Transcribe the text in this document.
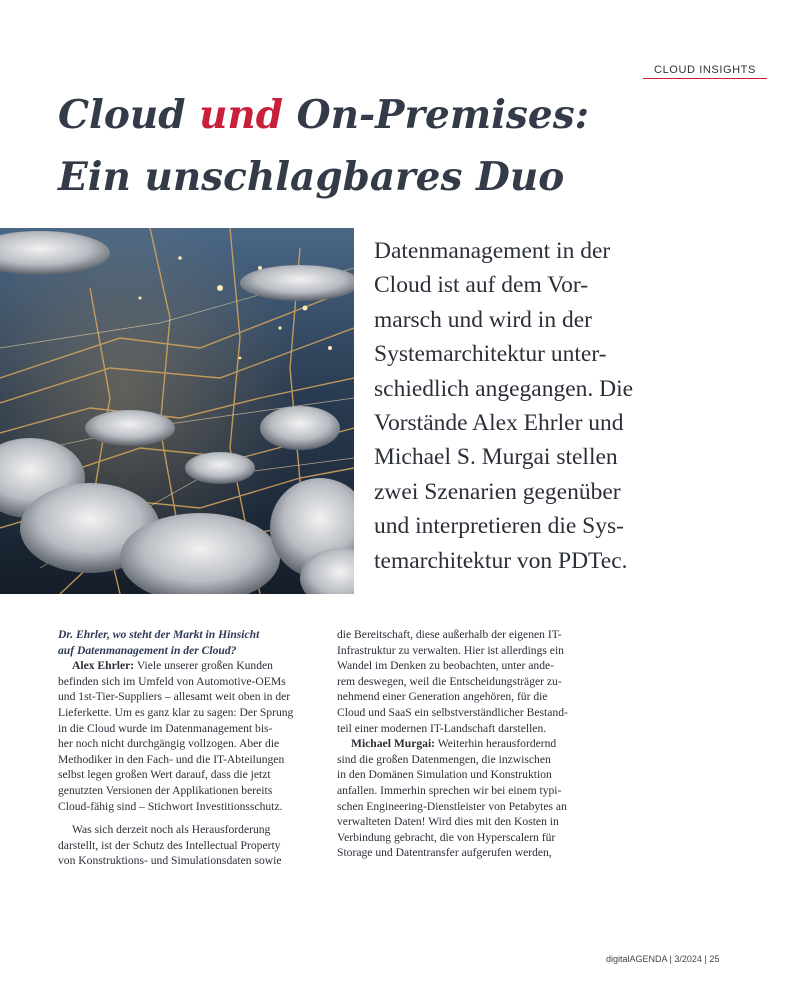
CLOUD INSIGHTS
Cloud und On-Premises:
Ein unschlagbares Duo

Datenmanagement in der
Cloud ist auf dem Vor-
marsch und wird in der
Systemarchitektur unter-
schiedlich angegangen. Die
Vorstände Alex Ehrler und
Michael S. Murgai stellen
zwei Szenarien gegenüber
und interpretieren die Sys-
temarchitektur von PDTec.

Dr. Ehrler, wo steht der Markt in Hinsicht
auf Datenmanagement in der Cloud?

Alex Ehrler: Viele unserer großen Kunden
befinden sich im Umfeld von Automotive-OEMs
und 1st-Tier-Suppliers – allesamt weit oben in der
Lieferkette. Um es ganz klar zu sagen: Der Sprung
in die Cloud wurde im Datenmanagement bis-
her noch nicht durchgängig vollzogen. Aber die
Methodiker in den Fach- und die IT-Abteilungen
selbst legen großen Wert darauf, dass die jetzt
genutzten Versionen der Applikationen bereits
Cloud-fähig sind – Stichwort Investitionsschutz.

Was sich derzeit noch als Herausforderung
darstellt, ist der Schutz des Intellectual Property
von Konstruktions- und Simulationsdaten sowie

die Bereitschaft, diese außerhalb der eigenen IT-
Infrastruktur zu verwalten. Hier ist allerdings ein
Wandel im Denken zu beobachten, unter ande-
rem deswegen, weil die Entscheidungsträger zu-
nehmend einer Generation angehören, für die
Cloud und SaaS ein selbstverständlicher Bestand-
teil einer modernen IT-Landschaft darstellen.

Michael Murgai: Weiterhin herausfordernd
sind die großen Datenmengen, die inzwischen
in den Domänen Simulation und Konstruktion
anfallen. Immerhin sprechen wir bei einem typi-
schen Engineering-Dienstleister von Petabytes an
verwalteten Daten! Wird dies mit den Kosten in
Verbindung gebracht, die von Hyperscalern für
Storage und Datentransfer aufgerufen werden,

digitalAGENDA | 3/2024 | 25
